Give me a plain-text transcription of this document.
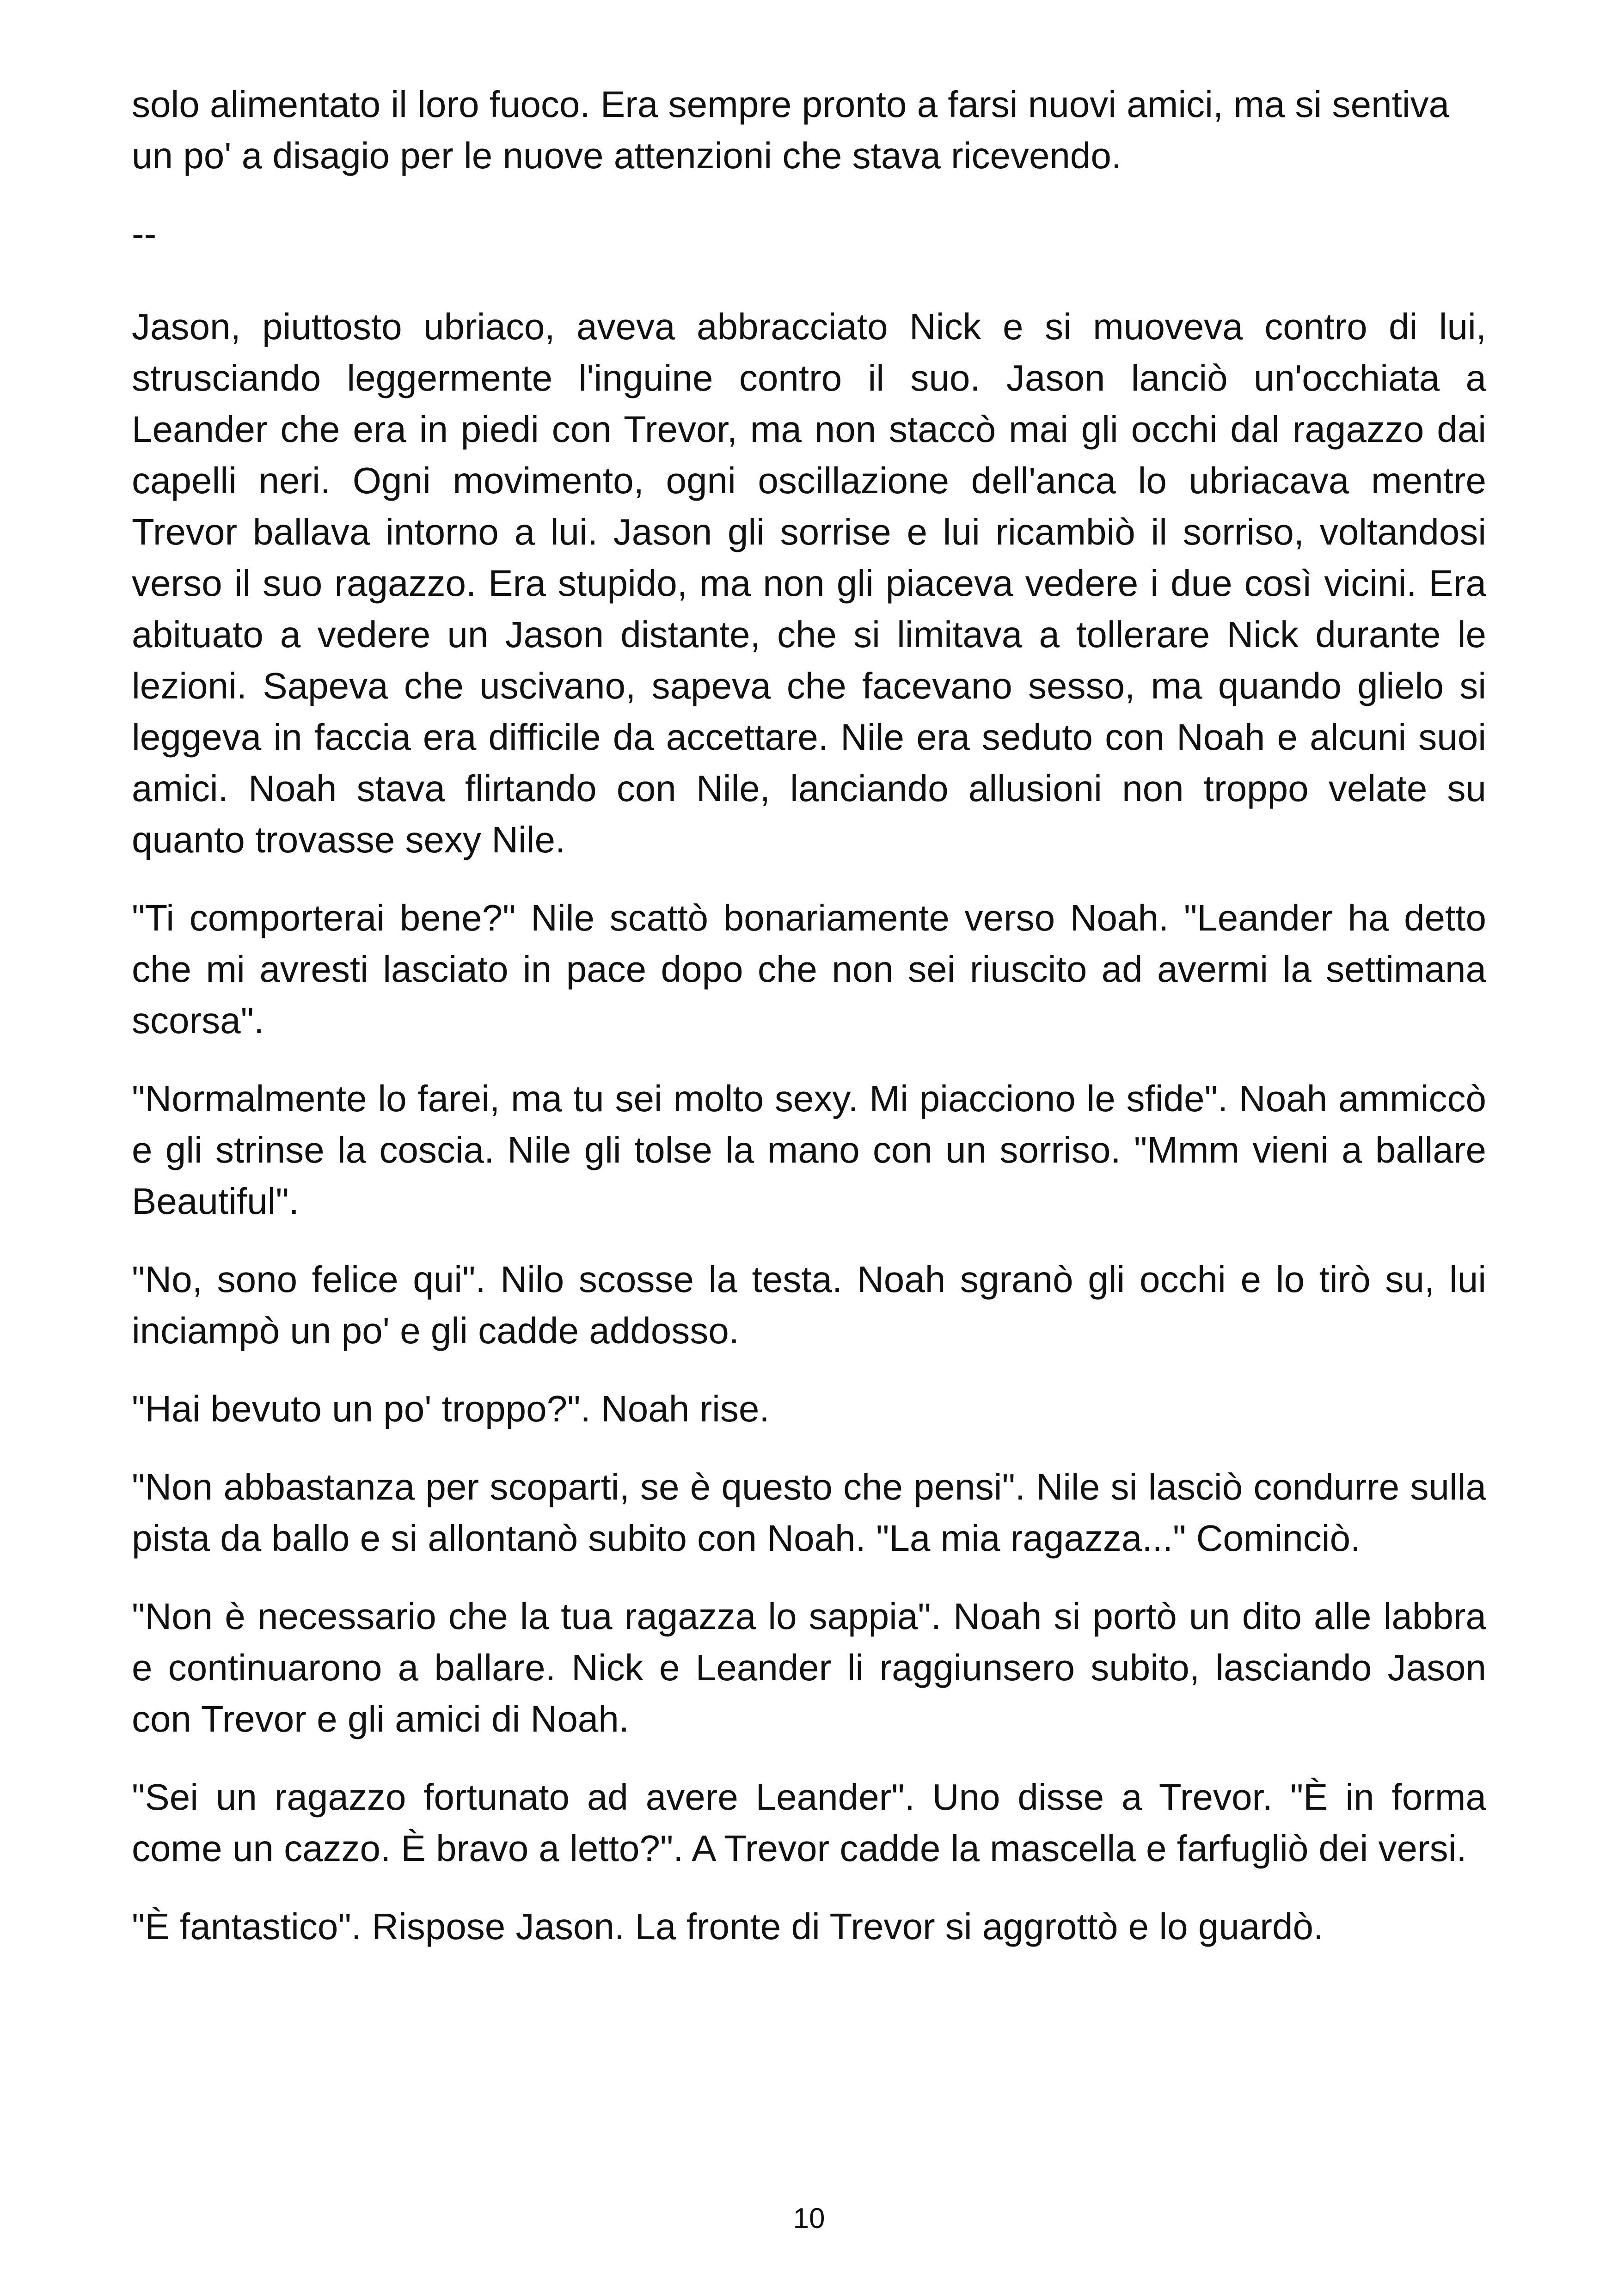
solo alimentato il loro fuoco. Era sempre pronto a farsi nuovi amici, ma si sentiva un po' a disagio per le nuove attenzioni che stava ricevendo.

--

Jason, piuttosto ubriaco, aveva abbracciato Nick e si muoveva contro di lui, strusciando leggermente l'inguine contro il suo. Jason lanciò un'occhiata a Leander che era in piedi con Trevor, ma non staccò mai gli occhi dal ragazzo dai capelli neri. Ogni movimento, ogni oscillazione dell'anca lo ubriacava mentre Trevor ballava intorno a lui. Jason gli sorrise e lui ricambiò il sorriso, voltandosi verso il suo ragazzo. Era stupido, ma non gli piaceva vedere i due così vicini. Era abituato a vedere un Jason distante, che si limitava a tollerare Nick durante le lezioni. Sapeva che uscivano, sapeva che facevano sesso, ma quando glielo si leggeva in faccia era difficile da accettare. Nile era seduto con Noah e alcuni suoi amici. Noah stava flirtando con Nile, lanciando allusioni non troppo velate su quanto trovasse sexy Nile.

"Ti comporterai bene?" Nile scattò bonariamente verso Noah. "Leander ha detto che mi avresti lasciato in pace dopo che non sei riuscito ad avermi la settimana scorsa".

"Normalmente lo farei, ma tu sei molto sexy. Mi piacciono le sfide". Noah ammiccò e gli strinse la coscia. Nile gli tolse la mano con un sorriso. "Mmm vieni a ballare Beautiful".

"No, sono felice qui". Nilo scosse la testa. Noah sgranò gli occhi e lo tirò su, lui inciampò un po' e gli cadde addosso.

"Hai bevuto un po' troppo?". Noah rise.

"Non abbastanza per scoparti, se è questo che pensi". Nile si lasciò condurre sulla pista da ballo e si allontanò subito con Noah. "La mia ragazza..." Cominciò.

"Non è necessario che la tua ragazza lo sappia". Noah si portò un dito alle labbra e continuarono a ballare. Nick e Leander li raggiunsero subito, lasciando Jason con Trevor e gli amici di Noah.

"Sei un ragazzo fortunato ad avere Leander". Uno disse a Trevor. "È in forma come un cazzo. È bravo a letto?". A Trevor cadde la mascella e farfugliò dei versi.

"È fantastico". Rispose Jason. La fronte di Trevor si aggrottò e lo guardò.

10
